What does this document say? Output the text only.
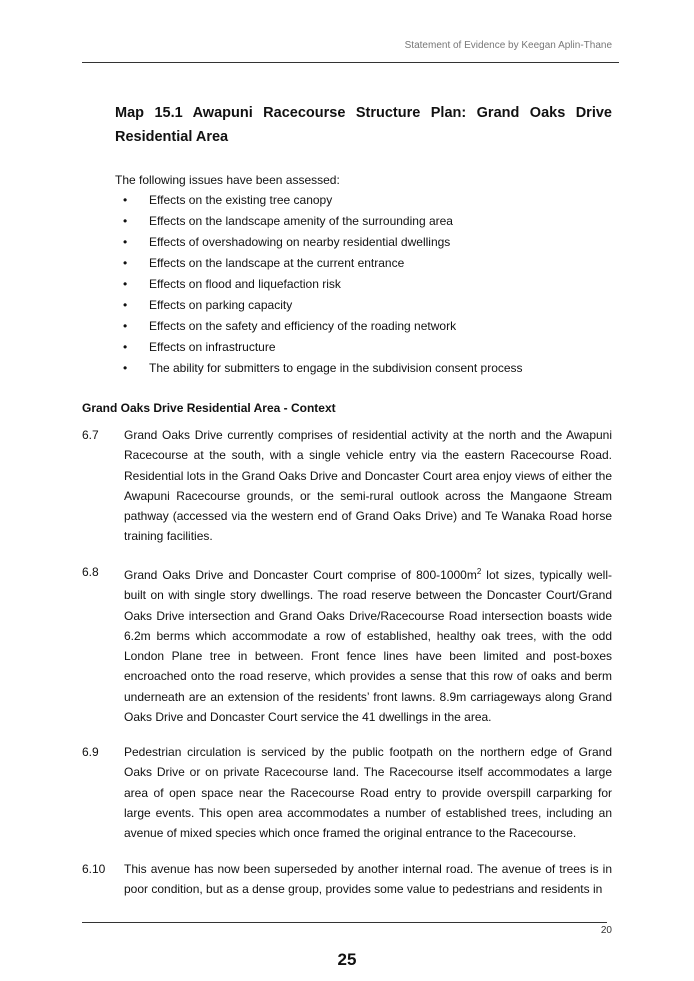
Statement of Evidence by Keegan Aplin-Thane
Map 15.1 Awapuni Racecourse Structure Plan: Grand Oaks Drive Residential Area
The following issues have been assessed:
• Effects on the existing tree canopy
• Effects on the landscape amenity of the surrounding area
• Effects of overshadowing on nearby residential dwellings
• Effects on the landscape at the current entrance
• Effects on flood and liquefaction risk
• Effects on parking capacity
• Effects on the safety and efficiency of the roading network
• Effects on infrastructure
• The ability for submitters to engage in the subdivision consent process
Grand Oaks Drive Residential Area - Context
6.7 Grand Oaks Drive currently comprises of residential activity at the north and the Awapuni Racecourse at the south, with a single vehicle entry via the eastern Racecourse Road. Residential lots in the Grand Oaks Drive and Doncaster Court area enjoy views of either the Awapuni Racecourse grounds, or the semi-rural outlook across the Mangaone Stream pathway (accessed via the western end of Grand Oaks Drive) and Te Wanaka Road horse training facilities.
6.8 Grand Oaks Drive and Doncaster Court comprise of $800-1000m^2$ lot sizes, typically well-built on with single story dwellings. The road reserve between the Doncaster Court/Grand Oaks Drive intersection and Grand Oaks Drive/Racecourse Road intersection boasts wide 6.2m berms which accommodate a row of established, healthy oak trees, with the odd London Plane tree in between. Front fence lines have been limited and post-boxes encroached onto the road reserve, which provides a sense that this row of oaks and berm underneath are an extension of the residents’ front lawns. 8.9m carriageways along Grand Oaks Drive and Doncaster Court service the 41 dwellings in the area.
6.9 Pedestrian circulation is serviced by the public footpath on the northern edge of Grand Oaks Drive or on private Racecourse land. The Racecourse itself accommodates a large area of open space near the Racecourse Road entry to provide overspill carparking for large events. This open area accommodates a number of established trees, including an avenue of mixed species which once framed the original entrance to the Racecourse.
6.10 This avenue has now been superseded by another internal road. The avenue of trees is in poor condition, but as a dense group, provides some value to pedestrians and residents in
20
25
